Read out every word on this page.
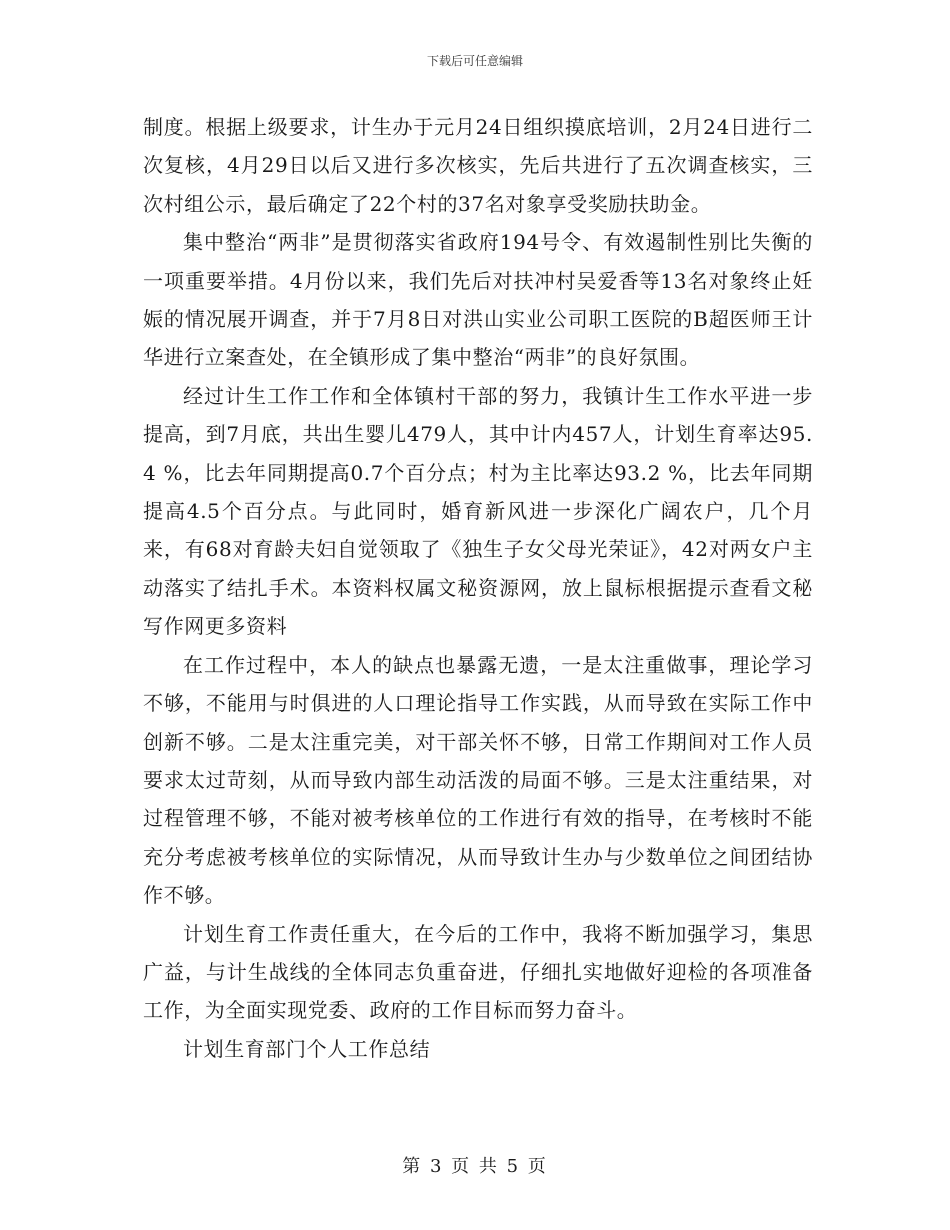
下载后可任意编辑

制度。根据上级要求，计生办于元月24日组织摸底培训，2月24日进行二次复核，4月29日以后又进行多次核实，先后共进行了五次调查核实，三次村组公示，最后确定了22个村的37名对象享受奖励扶助金。

集中整治“两非”是贯彻落实省政府194号令、有效遏制性别比失衡的一项重要举措。4月份以来，我们先后对扶冲村吴爱香等13名对象终止妊娠的情况展开调查，并于7月8日对洪山实业公司职工医院的B超医师王计华进行立案查处，在全镇形成了集中整治“两非”的良好氛围。

经过计生工作工作和全体镇村干部的努力，我镇计生工作水平进一步提高，到7月底，共出生婴儿479人，其中计内457人，计划生育率达95.4 %，比去年同期提高0.7个百分点；村为主比率达93.2 %，比去年同期提高4.5个百分点。与此同时，婚育新风进一步深化广阔农户，几个月来，有68对育龄夫妇自觉领取了《独生子女父母光荣证》，42对两女户主动落实了结扎手术。本资料权属文秘资源网，放上鼠标根据提示查看文秘写作网更多资料

在工作过程中，本人的缺点也暴露无遗，一是太注重做事，理论学习不够，不能用与时俱进的人口理论指导工作实践，从而导致在实际工作中创新不够。二是太注重完美，对干部关怀不够，日常工作期间对工作人员要求太过苛刻，从而导致内部生动活泼的局面不够。三是太注重结果，对过程管理不够，不能对被考核单位的工作进行有效的指导，在考核时不能充分考虑被考核单位的实际情况，从而导致计生办与少数单位之间团结协作不够。

计划生育工作责任重大，在今后的工作中，我将不断加强学习，集思广益，与计生战线的全体同志负重奋进，仔细扎实地做好迎检的各项准备工作，为全面实现党委、政府的工作目标而努力奋斗。

计划生育部门个人工作总结

第 3 页 共 5 页
